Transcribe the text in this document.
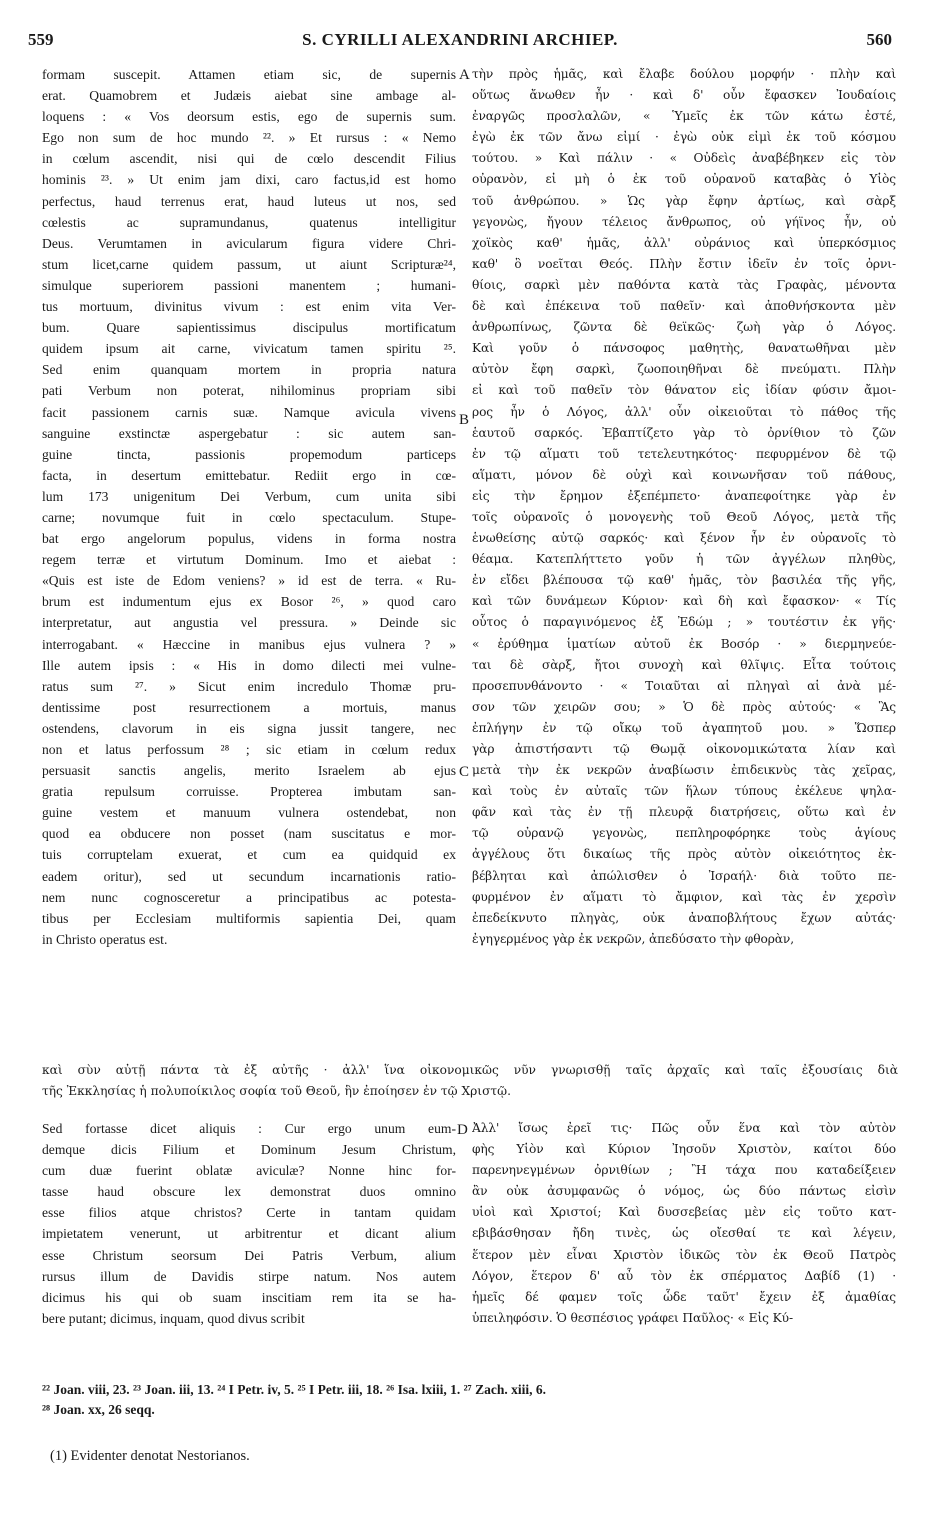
559	S. CYRILLI ALEXANDRINI ARCHIEP.	560
formam suscepit. Attamen etiam sic, de supernis
erat. Quamobrem et Judæis aiebat sine ambage al-
loquens : « Vos deorsum estis, ego de supernis sum.
Ego non sum de hoc mundo ²². » Et rursus : « Nemo
in cœlum ascendit, nisi qui de cœlo descendit Filius
hominis ²³. » Ut enim jam dixi, caro factus,id est homo
perfectus, haud terrenus erat, haud luteus ut nos, sed
cœlestis ac supramundanus, quatenus intelligitur
Deus. Verumtamen in avicularum figura videre Chri-
stum licet,carne quidem passum, ut aiunt Scripturæ²⁴,
simulque superiorem passioni manentem ; humani-
tus mortuum, divinitus vivum : est enim vita Ver-
bum. Quare sapientissimus discipulus mortificatum
quidem ipsum ait carne, vivicatum tamen spiritu ²⁵.
Sed enim quanquam mortem in propria natura
pati Verbum non poterat, nihilominus propriam sibi
facit passionem carnis suæ. Namque avicula vivens
sanguine exstinctæ aspergebatur : sic autem san-
guine tincta, passionis propemodum particeps
facta, in desertum emittebatur. Rediit ergo in cœ-
lum 173 unigenitum Dei Verbum, cum unita sibi
carne; novumque fuit in cœlo spectaculum. Stupe-
bat ergo angelorum populus, videns in forma nostra
regem terræ et virtutum Dominum. Imo et aiebat :
«Quis est iste de Edom veniens? » id est de terra. « Ru-
brum est indumentum ejus ex Bosor ²⁶, » quod caro
interpretatur, aut angustia vel pressura. » Deinde sic
interrogabant. « Hæccine in manibus ejus vulnera ? »
Ille autem ipsis : « His in domo dilecti mei vulne-
ratus sum ²⁷. » Sicut enim incredulo Thomæ pru-
dentissime post resurrectionem a mortuis, manus
ostendens, clavorum in eis signa jussit tangere, nec
non et latus perfossum ²⁸ ; sic etiam in cœlum redux
persuasit sanctis angelis, merito Israelem ab ejus
gratia repulsum corruisse. Propterea imbutam san-
guine vestem et manuum vulnera ostendebat, non
quod ea obducere non posset (nam suscitatus e mor-
tuis corruptelam exuerat, et cum ea quidquid ex
eadem oritur), sed ut secundum incarnationis ratio-
nem nunc cognosceretur a principatibus ac potesta-
tibus per Ecclesiam multiformis sapientia Dei, quam
in Christo operatus est.
τὴν πρὸς ἡμᾶς, καὶ ἔλαβε δούλου μορφήν · πλὴν καὶ
οὕτως ἄνωθεν ἦν · καὶ δ' οὖν ἔφασκεν Ἰουδαίοις
ἐναργῶς προσλαλῶν, « Ὑμεῖς ἐκ τῶν κάτω ἐστέ,
ἐγὼ ἐκ τῶν ἄνω εἰμί · ἐγὼ οὐκ εἰμὶ ἐκ τοῦ κόσμου
τούτου. » Καὶ πάλιν · « Οὐδεὶς ἀναβέβηκεν εἰς τὸν
οὐρανὸν, εἰ μὴ ὁ ἐκ τοῦ οὐρανοῦ καταβὰς ὁ Υἱὸς
τοῦ ἀνθρώπου. » Ὡς γὰρ ἔφην ἀρτίως, καὶ σὰρξ
γεγονὼς, ἤγουν τέλειος ἄνθρωπος, οὐ γήϊνος ἦν, οὐ
χοϊκὸς καθ' ἡμᾶς, ἀλλ' οὐράνιος καὶ ὑπερκόσμιος
καθ' ὃ νοεῖται Θεός. Πλὴν ἔστιν ἰδεῖν ἐν τοῖς ὀρνι-
θίοις, σαρκὶ μὲν παθόντα κατὰ τὰς Γραφὰς, μένοντα
δὲ καὶ ἐπέκεινα τοῦ παθεῖν· καὶ ἀποθνήσκοντα μὲν
ἀνθρωπίνως, ζῶντα δὲ θεϊκῶς· ζωὴ γὰρ ὁ Λόγος.
Καὶ γοῦν ὁ πάνσοφος μαθητὴς, θανατωθῆναι μὲν
αὐτὸν ἔφη σαρκὶ, ζωοποιηθῆναι δὲ πνεύματι. Πλὴν
εἰ καὶ τοῦ παθεῖν τὸν θάνατον εἰς ἰδίαν φύσιν ἄμοι-
ρος ἦν ὁ Λόγος, ἀλλ' οὖν οἰκειοῦται τὸ πάθος τῆς
ἑαυτοῦ σαρκός. Ἐβαπτίζετο γὰρ τὸ ὀρνίθιον τὸ ζῶν
ἐν τῷ αἵματι τοῦ τετελευτηκότος· πεφυρμένον δὲ τῷ
αἵματι, μόνον δὲ οὐχὶ καὶ κοινωνῆσαν τοῦ πάθους,
εἰς τὴν ἔρημον ἐξεπέμπετο· ἀναπεφοίτηκε γὰρ ἐν
τοῖς οὐρανοῖς ὁ μονογενὴς τοῦ Θεοῦ Λόγος, μετὰ τῆς
ἑνωθείσης αὐτῷ σαρκός· καὶ ξένον ἦν ἐν οὐρανοῖς τὸ
θέαμα. Κατεπλήττετο γοῦν ἡ τῶν ἀγγέλων πληθὺς,
ἐν εἴδει βλέπουσα τῷ καθ' ἡμᾶς, τὸν βασιλέα τῆς γῆς,
καὶ τῶν δυνάμεων Κύριον· καὶ δὴ καὶ ἔφασκον· « Τίς
οὗτος ὁ παραγινόμενος ἐξ Ἐδώμ ; » τουτέστιν ἐκ γῆς·
« ἐρύθημα ἱματίων αὐτοῦ ἐκ Βοσόρ · » διερμηνεύε-
ται δὲ σὰρξ, ἤτοι συνοχὴ καὶ θλῖψις. Εἶτα τούτοις
προσεπυνθάνοντο · « Τοιαῦται αἱ πληγαὶ αἱ ἀνὰ μέ-
σον τῶν χειρῶν σου; » Ὁ δὲ πρὸς αὐτούς· « Ἃς
ἐπλήγην ἐν τῷ οἴκῳ τοῦ ἀγαπητοῦ μου. » Ὥσπερ
γὰρ ἀπιστήσαντι τῷ Θωμᾷ οἰκονομικώτατα λίαν καὶ
μετὰ τὴν ἐκ νεκρῶν ἀναβίωσιν ἐπιδεικνὺς τὰς χεῖρας,
καὶ τοὺς ἐν αὐταῖς τῶν ἥλων τύπους ἐκέλευε ψηλα-
φᾶν καὶ τὰς ἐν τῇ πλευρᾷ διατρήσεις, οὕτω καὶ ἐν
τῷ οὐρανῷ γεγονὼς, πεπληροφόρηκε τοὺς ἁγίους
ἀγγέλους ὅτι δικαίως τῆς πρὸς αὐτὸν οἰκειότητος ἐκ-
βέβληται καὶ ἀπώλισθεν ὁ Ἰσραήλ· διὰ τοῦτο πε-
φυρμένον ἐν αἵματι τὸ ἄμφιον, καὶ τὰς ἐν χερσὶν
ἐπεδείκνυτο πληγὰς, οὐκ ἀναποβλήτους ἔχων αὐτάς·
ἐγηγερμένος γὰρ ἐκ νεκρῶν, ἀπεδύσατο τὴν φθορὰν,
A
B
C
D
καὶ σὺν αὐτῇ πάντα τὰ ἐξ αὐτῆς · ἀλλ' ἵνα οἰκονομικῶς νῦν γνωρισθῇ ταῖς ἀρχαῖς καὶ ταῖς ἐξουσίαις διὰ
τῆς Ἐκκλησίας ἡ πολυποίκιλος σοφία τοῦ Θεοῦ, ἣν ἐποίησεν ἐν τῷ Χριστῷ.
Sed fortasse dicet aliquis : Cur ergo unum eum-
demque dicis Filium et Dominum Jesum Christum,
cum duæ fuerint oblatæ aviculæ? Nonne hinc for-
tasse haud obscure lex demonstrat duos omnino
esse filios atque christos? Certe in tantam quidam
impietatem venerunt, ut arbitrentur et dicant alium
esse Christum seorsum Dei Patris Verbum, alium
rursus illum de Davidis stirpe natum. Nos autem
dicimus his qui ob suam inscitiam rem ita se ha-
bere putant; dicimus, inquam, quod divus scribit
Ἀλλ' ἴσως ἐρεῖ τις· Πῶς οὖν ἕνα καὶ τὸν αὐτὸν
φὴς Υἱὸν καὶ Κύριον Ἰησοῦν Χριστὸν, καίτοι δύο
παρενηνεγμένων ὀρνιθίων ; Ἢ τάχα που καταδείξειεν
ἂν οὐκ ἀσυμφανῶς ὁ νόμος, ὡς δύο πάντως εἰσὶν
υἱοὶ καὶ Χριστοί; Καὶ δυσσεβείας μὲν εἰς τοῦτο κατ-
εβιβάσθησαν ἤδη τινὲς, ὡς οἴεσθαί τε καὶ λέγειν,
ἕτερον μὲν εἶναι Χριστὸν ἰδικῶς τὸν ἐκ Θεοῦ Πατρὸς
Λόγον, ἕτερον δ' αὖ τὸν ἐκ σπέρματος Δαβίδ (1) ·
ἡμεῖς δέ φαμεν τοῖς ὧδε ταῦτ' ἔχειν ἐξ ἀμαθίας
ὑπειληφόσιν. Ὁ θεσπέσιος γράφει Παῦλος· « Εἰς Κύ-
²² Joan. viii, 23. ²³ Joan. iii, 13. ²⁴ I Petr. iv, 5. ²⁵ I Petr. iii, 18. ²⁶ Isa. lxiii, 1. ²⁷ Zach. xiii, 6.
²⁸ Joan. xx, 26 seqq.
(1) Evidenter denotat Nestorianos.
